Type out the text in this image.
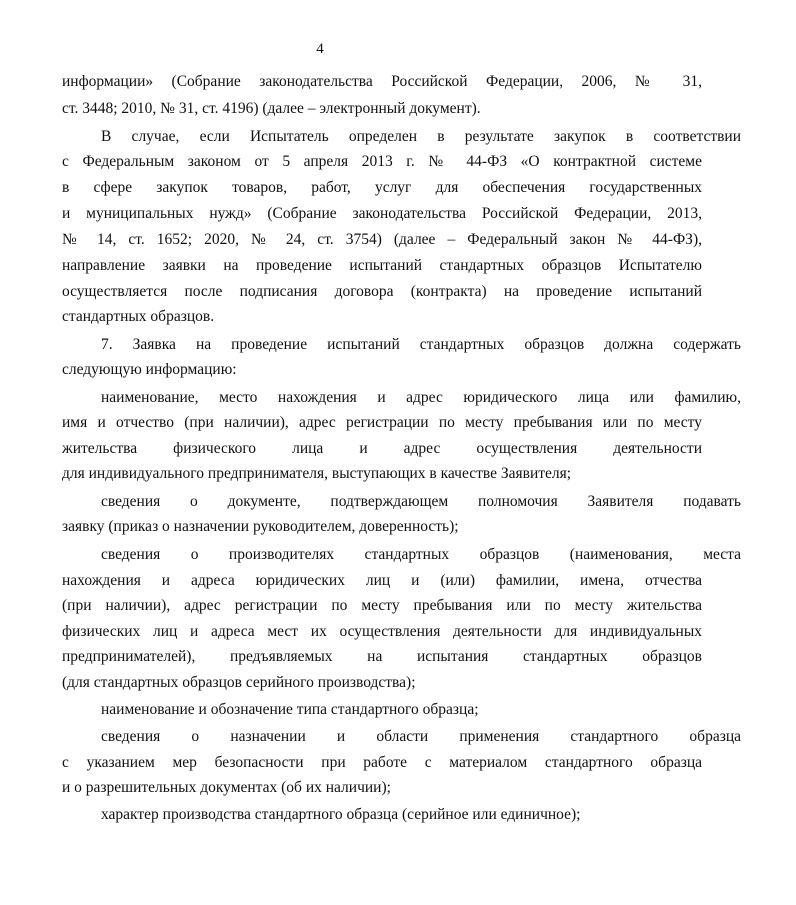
4
информации» (Собрание законодательства Российской Федерации, 2006, № 31,
ст. 3448; 2010, № 31, ст. 4196) (далее – электронный документ).
В случае, если Испытатель определен в результате закупок в соответствии
с Федеральным законом от 5 апреля 2013 г. № 44-ФЗ «О контрактной системе
в сфере закупок товаров, работ, услуг для обеспечения государственных
и муниципальных нужд» (Собрание законодательства Российской Федерации, 2013,
№ 14, ст. 1652; 2020, № 24, ст. 3754) (далее – Федеральный закон № 44-ФЗ),
направление заявки на проведение испытаний стандартных образцов Испытателю
осуществляется после подписания договора (контракта) на проведение испытаний
стандартных образцов.
7. Заявка на проведение испытаний стандартных образцов должна содержать
следующую информацию:
наименование, место нахождения и адрес юридического лица или фамилию,
имя и отчество (при наличии), адрес регистрации по месту пребывания или по месту
жительства физического лица и адрес осуществления деятельности
для индивидуального предпринимателя, выступающих в качестве Заявителя;
сведения о документе, подтверждающем полномочия Заявителя подавать
заявку (приказ о назначении руководителем, доверенность);
сведения о производителях стандартных образцов (наименования, места
нахождения и адреса юридических лиц и (или) фамилии, имена, отчества
(при наличии), адрес регистрации по месту пребывания или по месту жительства
физических лиц и адреса мест их осуществления деятельности для индивидуальных
предпринимателей), предъявляемых на испытания стандартных образцов
(для стандартных образцов серийного производства);
наименование и обозначение типа стандартного образца;
сведения о назначении и области применения стандартного образца
с указанием мер безопасности при работе с материалом стандартного образца
и о разрешительных документах (об их наличии);
характер производства стандартного образца (серийное или единичное);
